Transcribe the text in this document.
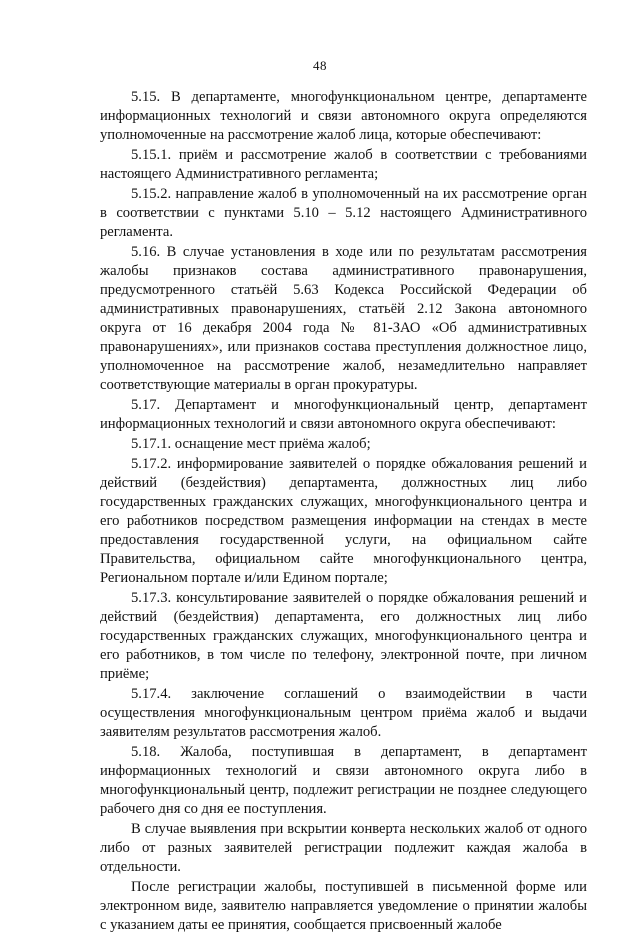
48

5.15. В департаменте, многофункциональном центре, департаменте информационных технологий и связи автономного округа определяются уполномоченные на рассмотрение жалоб лица, которые обеспечивают:

5.15.1. приём и рассмотрение жалоб в соответствии с требованиями настоящего Административного регламента;

5.15.2. направление жалоб в уполномоченный на их рассмотрение орган в соответствии с пунктами 5.10 – 5.12 настоящего Административного регламента.

5.16. В случае установления в ходе или по результатам рассмотрения жалобы признаков состава административного правонарушения, предусмотренного статьёй 5.63 Кодекса Российской Федерации об административных правонарушениях, статьёй 2.12 Закона автономного округа от 16 декабря 2004 года № 81-ЗАО «Об административных правонарушениях», или признаков состава преступления должностное лицо, уполномоченное на рассмотрение жалоб, незамедлительно направляет соответствующие материалы в орган прокуратуры.

5.17. Департамент и многофункциональный центр, департамент информационных технологий и связи автономного округа обеспечивают:

5.17.1. оснащение мест приёма жалоб;

5.17.2. информирование заявителей о порядке обжалования решений и действий (бездействия) департамента, должностных лиц либо государственных гражданских служащих, многофункционального центра и его работников посредством размещения информации на стендах в месте предоставления государственной услуги, на официальном сайте Правительства, официальном сайте многофункционального центра, Региональном портале и/или Едином портале;

5.17.3. консультирование заявителей о порядке обжалования решений и действий (бездействия) департамента, его должностных лиц либо государственных гражданских служащих, многофункционального центра и его работников, в том числе по телефону, электронной почте, при личном приёме;

5.17.4. заключение соглашений о взаимодействии в части осуществления многофункциональным центром приёма жалоб и выдачи заявителям результатов рассмотрения жалоб.

5.18. Жалоба, поступившая в департамент, в департамент информационных технологий и связи автономного округа либо в многофункциональный центр, подлежит регистрации не позднее следующего рабочего дня со дня ее поступления.

В случае выявления при вскрытии конверта нескольких жалоб от одного либо от разных заявителей регистрации подлежит каждая жалоба в отдельности.

После регистрации жалобы, поступившей в письменной форме или электронном виде, заявителю направляется уведомление о принятии жалобы с указанием даты ее принятия, сообщается присвоенный жалобе
